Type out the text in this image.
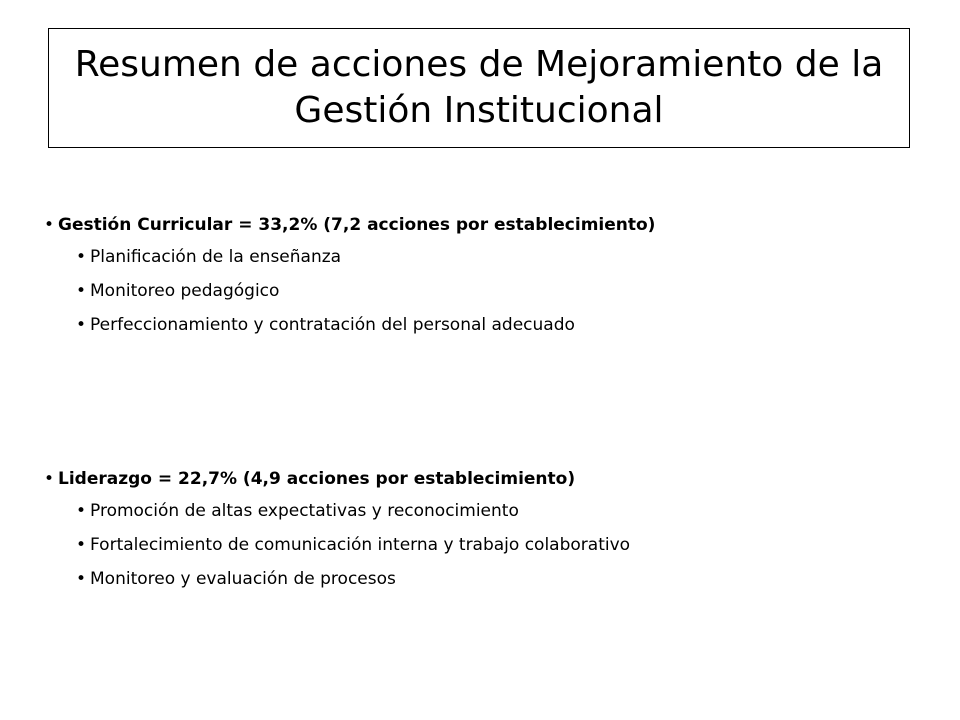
Resumen de acciones de Mejoramiento de la
Gestión Institucional
• Gestión Curricular = 33,2% (7,2 acciones por establecimiento)
• Planificación de la enseñanza
• Monitoreo pedagógico
• Perfeccionamiento y contratación del personal adecuado
• Liderazgo = 22,7% (4,9 acciones por establecimiento)
• Promoción de altas expectativas y reconocimiento
• Fortalecimiento de comunicación interna y trabajo colaborativo
• Monitoreo y evaluación de procesos
